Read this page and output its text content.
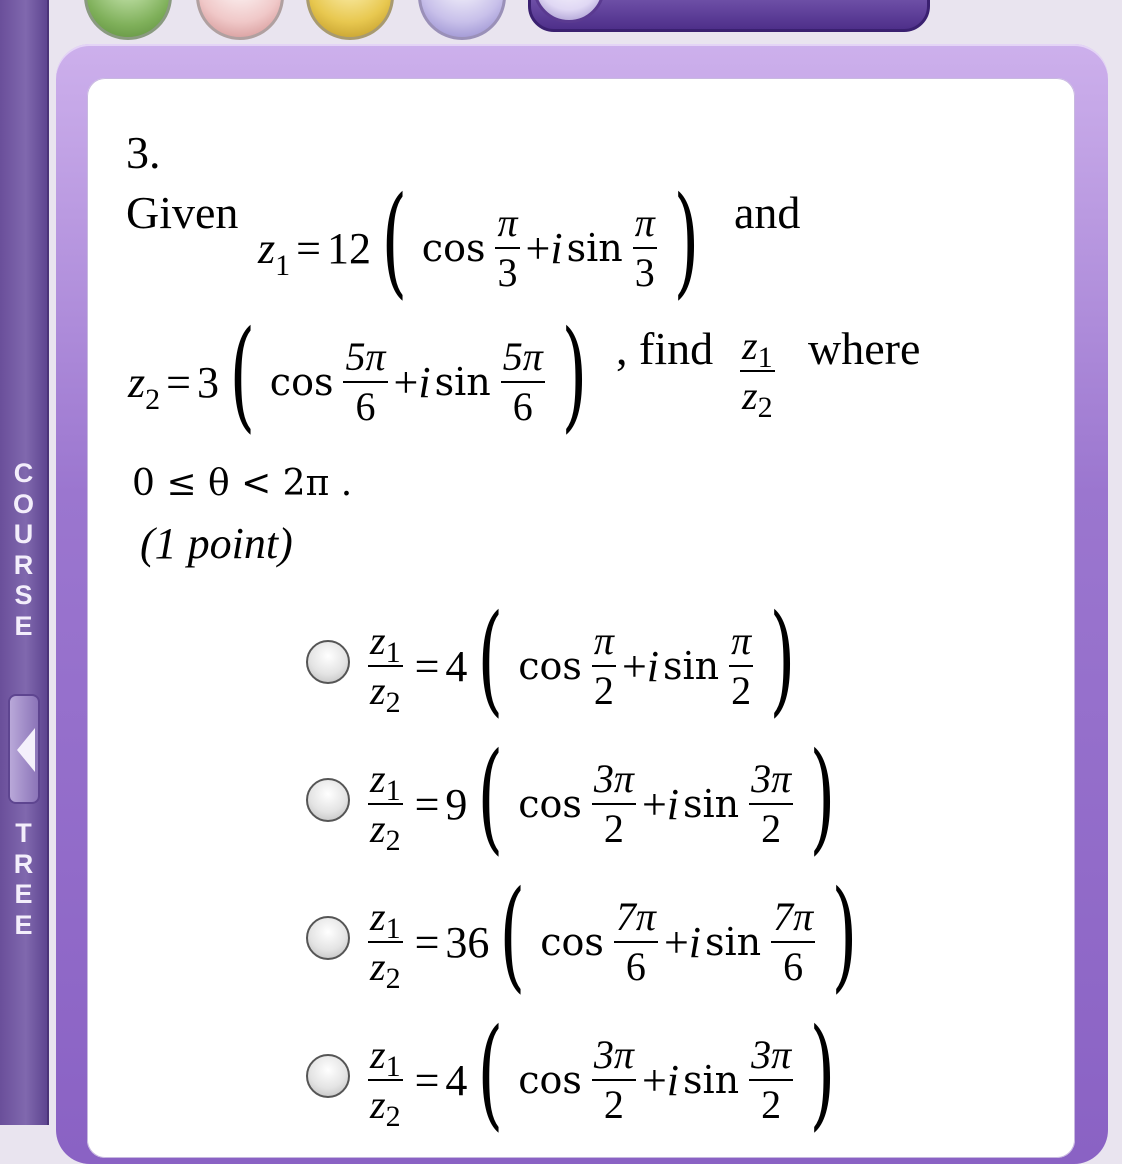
C
O
U
R
S
E
T
R
E
E
3.
Given
$z_1 = 12$ ( $\cos \frac{\pi}{3} + i$ $\sin \frac{\pi}{3}$ ) and
$z_2 = 3$ ( $\cos \frac{5\pi}{6} + i$ $\sin \frac{5\pi}{6}$ ) , find $\frac{z_1}{z_2}$ where
0 ≤ θ < 2π .
(1 point)
$\frac{z_1}{z_2} = 4$ ( $\cos \frac{\pi}{2} + i$ $\sin \frac{\pi}{2}$ )
$\frac{z_1}{z_2} = 9$ ( $\cos \frac{3\pi}{2} + i$ $\sin \frac{3\pi}{2}$ )
$\frac{z_1}{z_2} = 36$ ( $\cos \frac{7\pi}{6} + i$ $\sin \frac{7\pi}{6}$ )
$\frac{z_1}{z_2} = 4$ ( $\cos \frac{3\pi}{2} + i$ $\sin \frac{3\pi}{2}$ )
